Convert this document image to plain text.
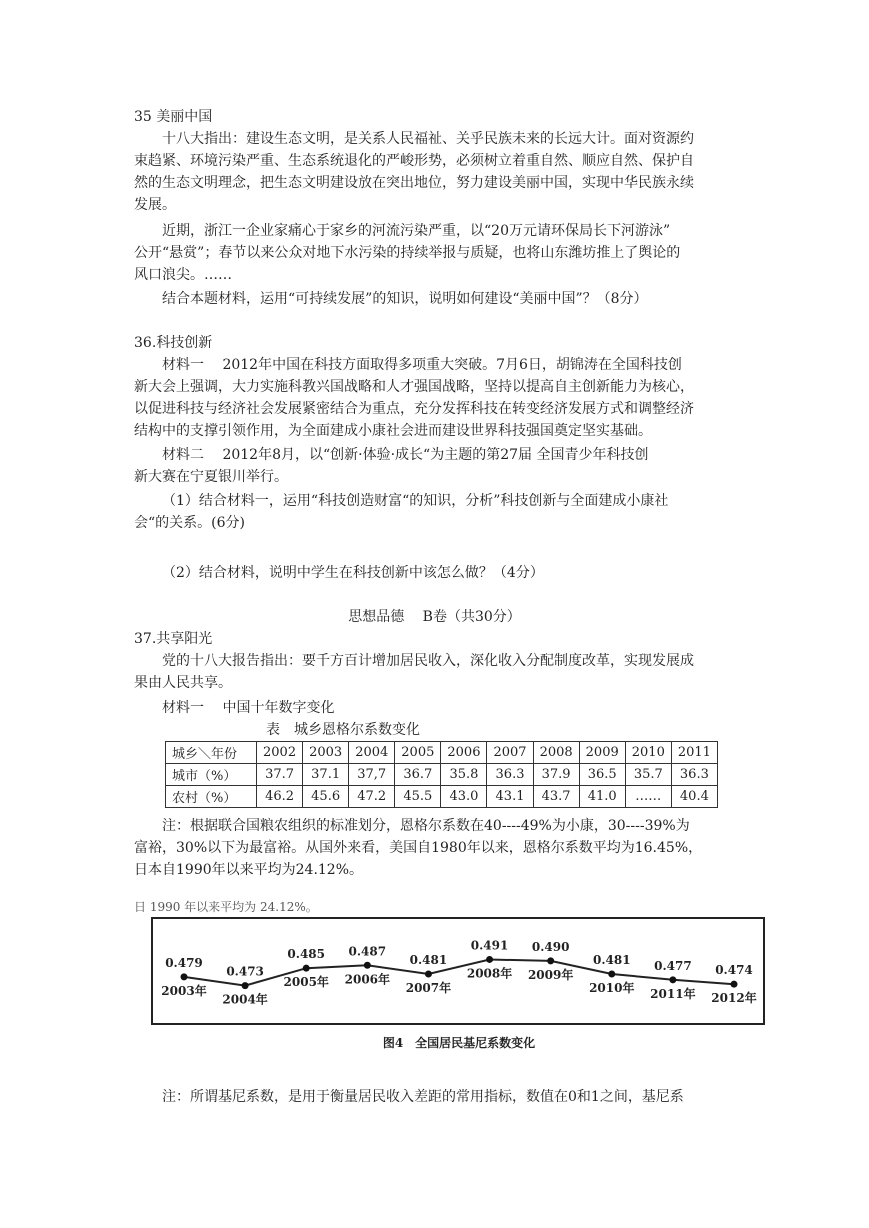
35 美丽中国
十八大指出：建设生态文明，是关系人民福祉、关乎民族未来的长远大计。面对资源约
束趋紧、环境污染严重、生态系统退化的严峻形势，必须树立着重自然、顺应自然、保护自
然的生态文明理念，把生态文明建设放在突出地位，努力建设美丽中国，实现中华民族永续
发展。
近期，浙江一企业家痛心于家乡的河流污染严重，以“20万元请环保局长下河游泳”
公开“悬赏”；春节以来公众对地下水污染的持续举报与质疑，也将山东潍坊推上了舆论的
风口浪尖。……
结合本题材料，运用“可持续发展”的知识，说明如何建设“美丽中国”？（8分）
36.科技创新
材料一　 2012年中国在科技方面取得多项重大突破。7月6日，胡锦涛在全国科技创
新大会上强调，大力实施科教兴国战略和人才强国战略，坚持以提高自主创新能力为核心，
以促进科技与经济社会发展紧密结合为重点，充分发挥科技在转变经济发展方式和调整经济
结构中的支撑引领作用，为全面建成小康社会进而建设世界科技强国奠定坚实基础。
材料二　 2012年8月，以“创新·体验·成长“为主题的第27届 全国青少年科技创
新大赛在宁夏银川举行。
（1）结合材料一，运用“科技创造财富“的知识，分析”科技创新与全面建成小康社
会“的关系。(6分)
（2）结合材料，说明中学生在科技创新中该怎么做？（4分）
思想品德　 B卷（共30分）
37.共享阳光
党的十八大报告指出：要千方百计增加居民收入，深化收入分配制度改革，实现发展成
果由人民共享。
材料一　 中国十年数字变化
表　城乡恩格尔系数变化
城乡＼年份	2002	2003	2004	2005	2006	2007	2008	2009	2010	2011
城市（%）	37.7	37.1	37,7	36.7	35.8	36.3	37.9	36.5	35.7	36.3
农村（%）	46.2	45.6	47.2	45.5	43.0	43.1	43.7	41.0	……	40.4
注：根据联合国粮农组织的标准划分，恩格尔系数在40----49%为小康，30----39%为
富裕，30%以下为最富裕。从国外来看，美国自1980年以来，恩格尔系数平均为16.45%，
日本自1990年以来平均为24.12%。
日 1990 年以来平均为 24.12%。
0.479
2003年
0.473
2004年
0.485
2005年
0.487
2006年
0.481
2007年
0.491
2008年
0.490
2009年
0.481
2010年
0.477
2011年
0.474
2012年
图4　全国居民基尼系数变化
注：所谓基尼系数，是用于衡量居民收入差距的常用指标，数值在0和1之间，基尼系
